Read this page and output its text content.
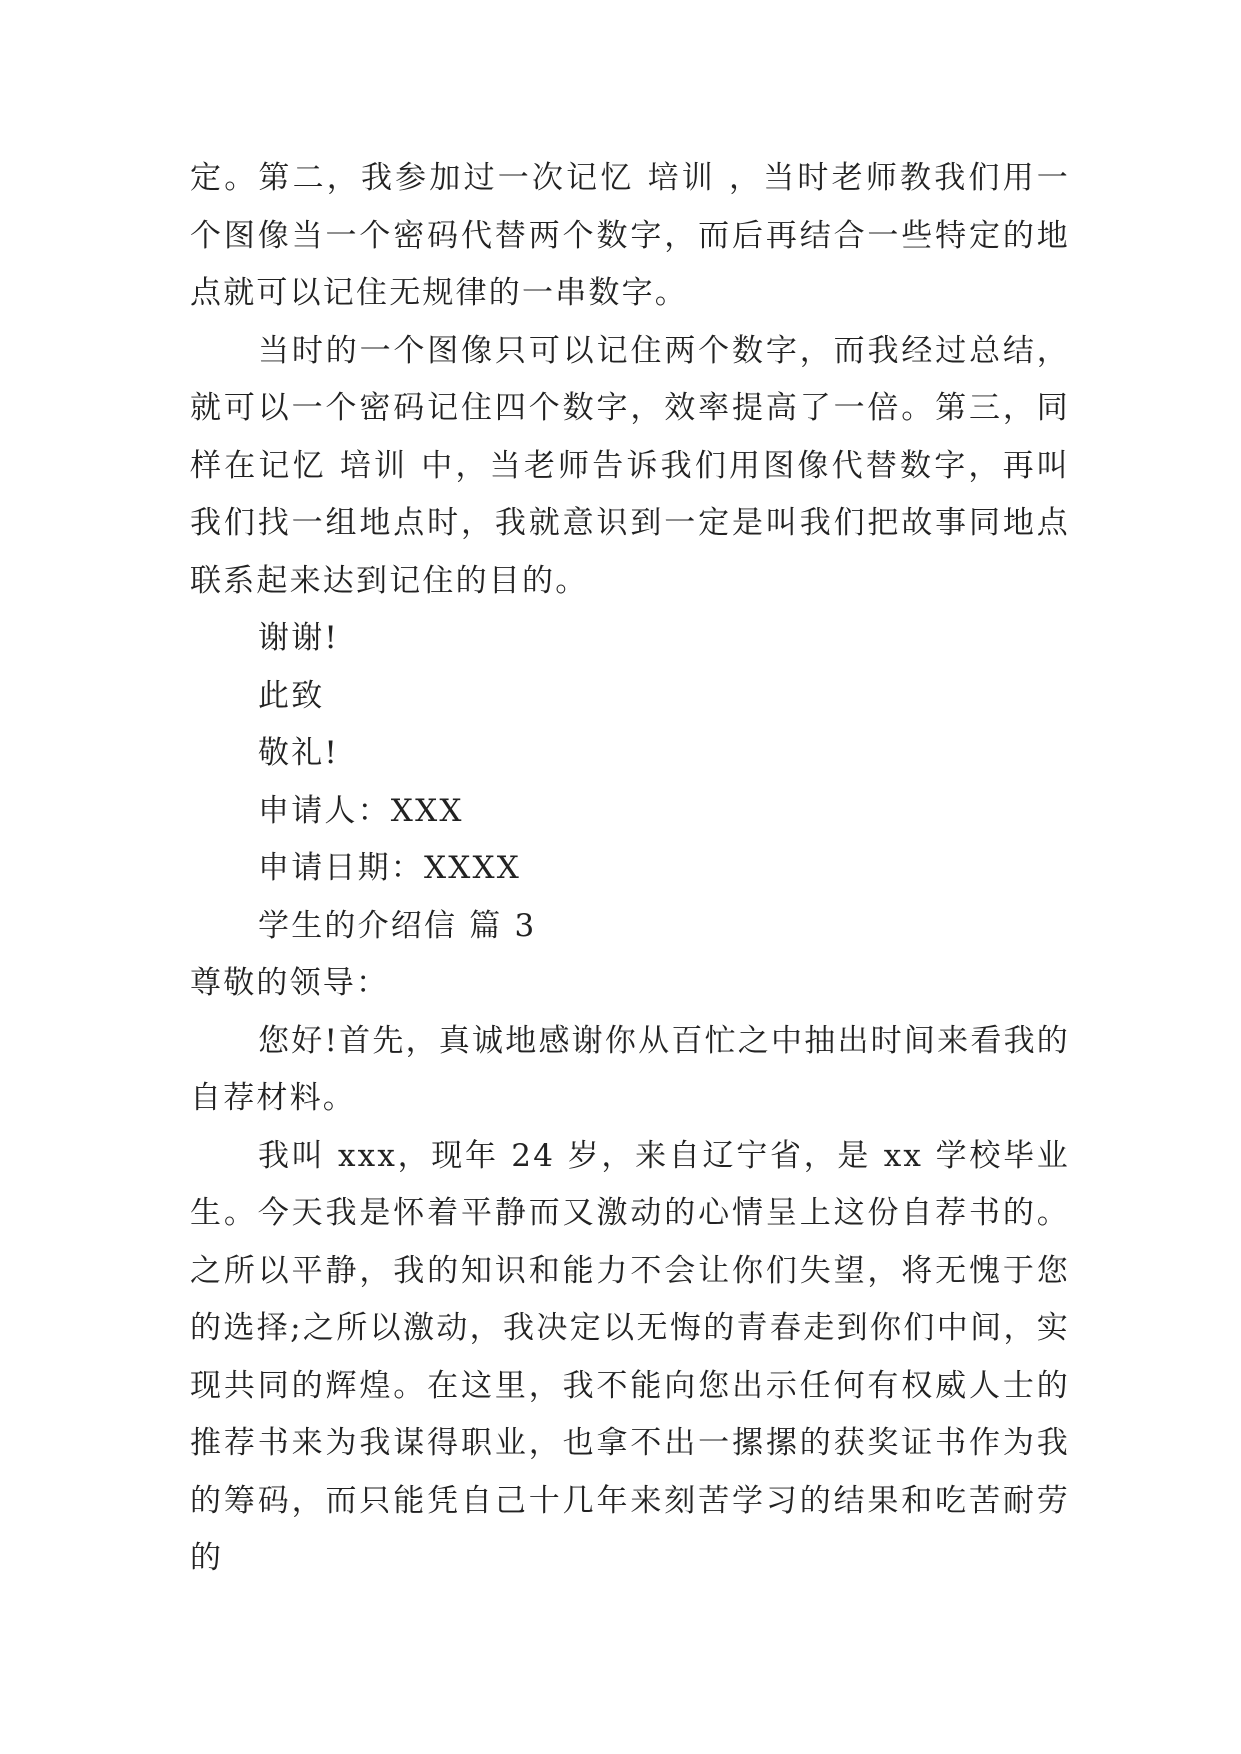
定。第二，我参加过一次记忆 培训 ，当时老师教我们用一个图像当一个密码代替两个数字，而后再结合一些特定的地点就可以记住无规律的一串数字。

当时的一个图像只可以记住两个数字，而我经过总结，就可以一个密码记住四个数字，效率提高了一倍。第三，同样在记忆 培训 中，当老师告诉我们用图像代替数字，再叫我们找一组地点时，我就意识到一定是叫我们把故事同地点联系起来达到记住的目的。

谢谢!

此致

敬礼!

申请人：XXX

申请日期：XXXX

学生的介绍信 篇 3

尊敬的领导：

您好!首先，真诚地感谢你从百忙之中抽出时间来看我的自荐材料。

我叫 xxx，现年 24 岁，来自辽宁省，是 xx 学校毕业生。今天我是怀着平静而又激动的心情呈上这份自荐书的。之所以平静，我的知识和能力不会让你们失望，将无愧于您的选择;之所以激动，我决定以无悔的青春走到你们中间，实现共同的辉煌。在这里，我不能向您出示任何有权威人士的推荐书来为我谋得职业，也拿不出一摞摞的获奖证书作为我的筹码，而只能凭自己十几年来刻苦学习的结果和吃苦耐劳的
